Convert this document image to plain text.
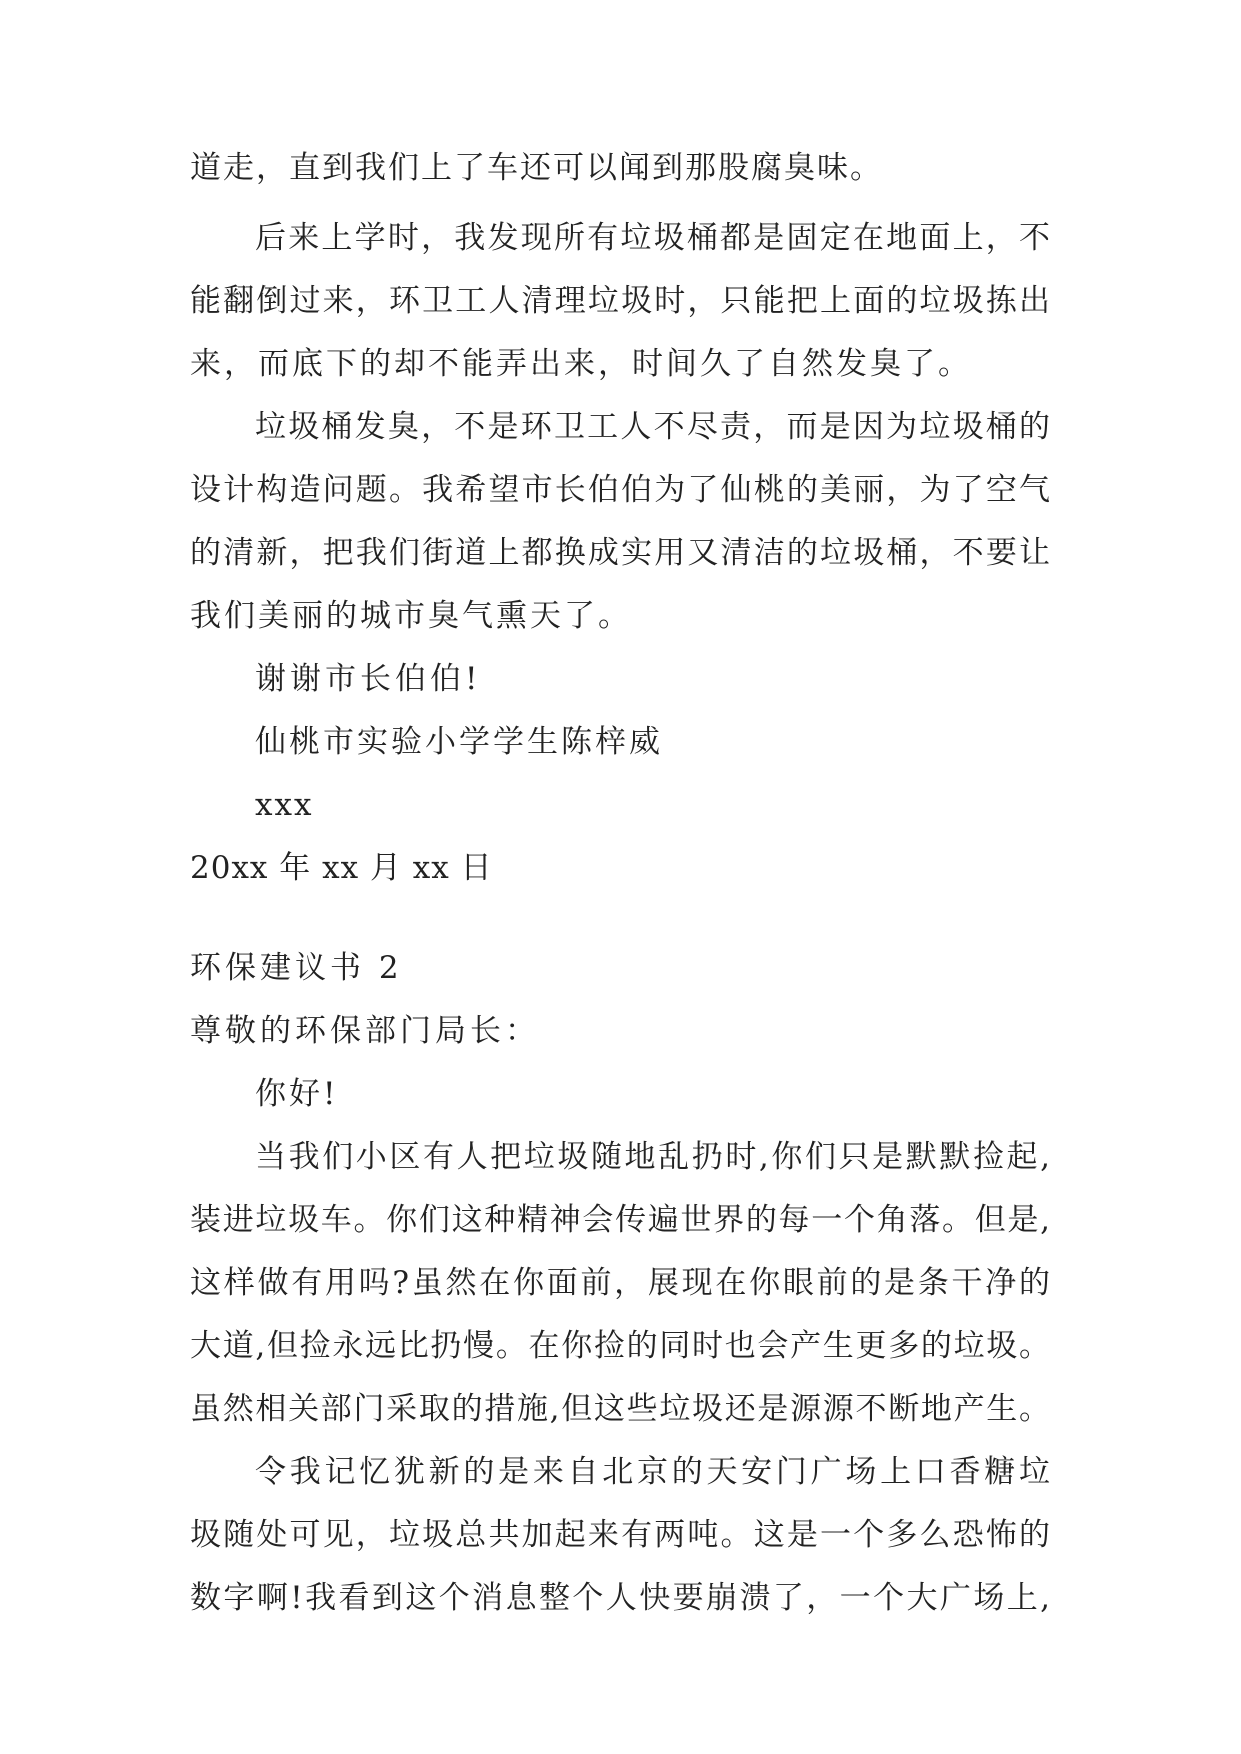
道走，直到我们上了车还可以闻到那股腐臭味。
后来上学时，我发现所有垃圾桶都是固定在地面上，不
能翻倒过来，环卫工人清理垃圾时，只能把上面的垃圾拣出
来，而底下的却不能弄出来，时间久了自然发臭了。
垃圾桶发臭，不是环卫工人不尽责，而是因为垃圾桶的
设计构造问题。我希望市长伯伯为了仙桃的美丽，为了空气
的清新，把我们街道上都换成实用又清洁的垃圾桶，不要让
我们美丽的城市臭气熏天了。
谢谢市长伯伯!
仙桃市实验小学学生陈梓威
xxx
20xx 年 xx 月 xx 日
环保建议书 2
尊敬的环保部门局长：
你好!
当我们小区有人把垃圾随地乱扔时,你们只是默默捡起,
装进垃圾车。你们这种精神会传遍世界的每一个角落。但是,
这样做有用吗?虽然在你面前，展现在你眼前的是条干净的
大道,但捡永远比扔慢。在你捡的同时也会产生更多的垃圾。
虽然相关部门采取的措施,但这些垃圾还是源源不断地产生。
令我记忆犹新的是来自北京的天安门广场上口香糖垃
圾随处可见，垃圾总共加起来有两吨。这是一个多么恐怖的
数字啊!我看到这个消息整个人快要崩溃了，一个大广场上,
